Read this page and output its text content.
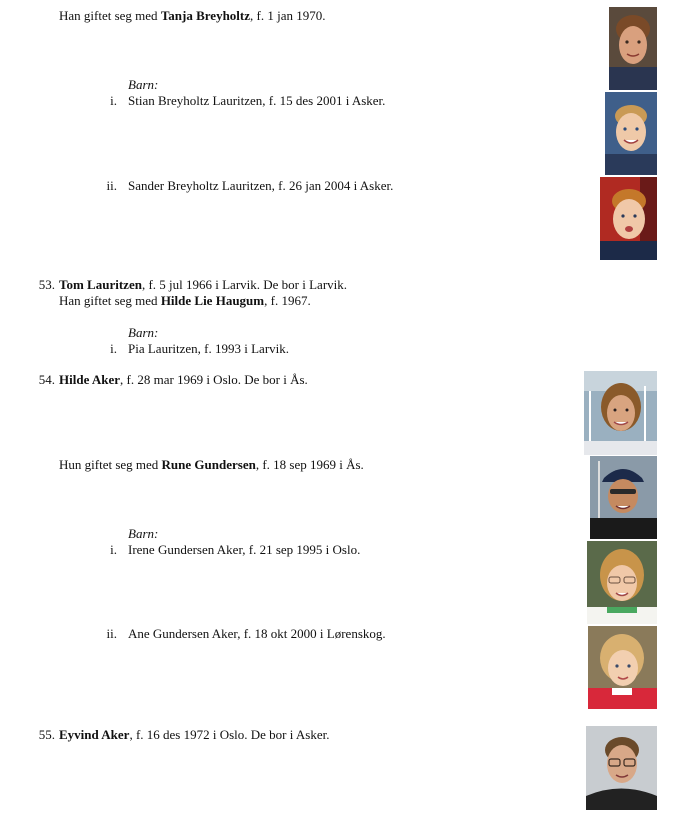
Han giftet seg med Tanja Breyholtz, f. 1 jan 1970.
Barn:
i. Stian Breyholtz Lauritzen, f. 15 des 2001 i Asker.
ii. Sander Breyholtz Lauritzen, f. 26 jan 2004 i Asker.
53. Tom Lauritzen, f. 5 jul 1966 i Larvik. De bor i Larvik.
Han giftet seg med Hilde Lie Haugum, f. 1967.
Barn:
i. Pia Lauritzen, f. 1993 i Larvik.
54. Hilde Aker, f. 28 mar 1969 i Oslo. De bor i Ås.
Hun giftet seg med Rune Gundersen, f. 18 sep 1969 i Ås.
Barn:
i. Irene Gundersen Aker, f. 21 sep 1995 i Oslo.
ii. Ane Gundersen Aker, f. 18 okt 2000 i Lørenskog.
55. Eyvind Aker, f. 16 des 1972 i Oslo. De bor i Asker.
